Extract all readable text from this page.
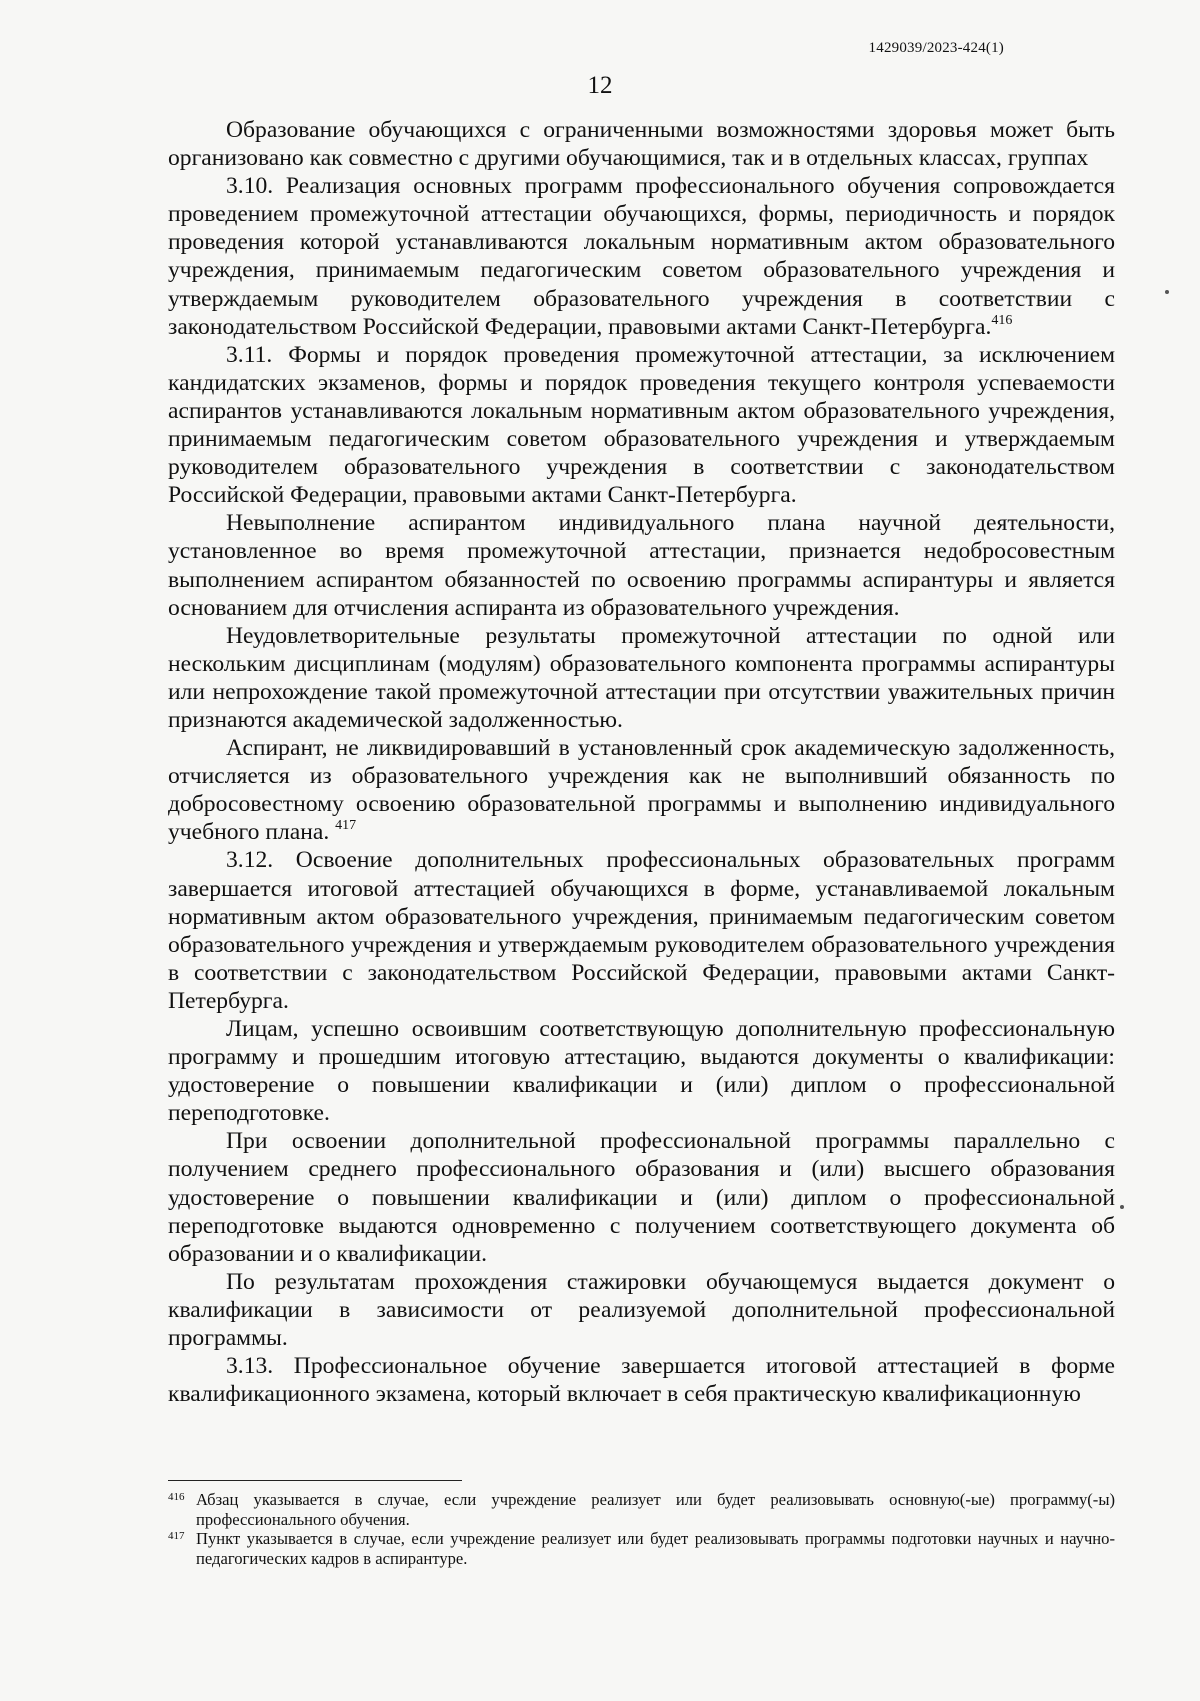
1429039/2023-424(1)
12

Образование обучающихся с ограниченными возможностями здоровья может быть организовано как совместно с другими обучающимися, так и в отдельных классах, группах

3.10. Реализация основных программ профессионального обучения сопровождается проведением промежуточной аттестации обучающихся, формы, периодичность и порядок проведения которой устанавливаются локальным нормативным актом образовательного учреждения, принимаемым педагогическим советом образовательного учреждения и утверждаемым руководителем образовательного учреждения в соответствии с законодательством Российской Федерации, правовыми актами Санкт-Петербурга.$^{416}$

3.11. Формы и порядок проведения промежуточной аттестации, за исключением кандидатских экзаменов, формы и порядок проведения текущего контроля успеваемости аспирантов устанавливаются локальным нормативным актом образовательного учреждения, принимаемым педагогическим советом образовательного учреждения и утверждаемым руководителем образовательного учреждения в соответствии с законодательством Российской Федерации, правовыми актами Санкт-Петербурга.

Невыполнение аспирантом индивидуального плана научной деятельности, установленное во время промежуточной аттестации, признается недобросовестным выполнением аспирантом обязанностей по освоению программы аспирантуры и является основанием для отчисления аспиранта из образовательного учреждения.

Неудовлетворительные результаты промежуточной аттестации по одной или нескольким дисциплинам (модулям) образовательного компонента программы аспирантуры или непрохождение такой промежуточной аттестации при отсутствии уважительных причин признаются академической задолженностью.

Аспирант, не ликвидировавший в установленный срок академическую задолженность, отчисляется из образовательного учреждения как не выполнивший обязанность по добросовестному освоению образовательной программы и выполнению индивидуального учебного плана. $^{417}$

3.12. Освоение дополнительных профессиональных образовательных программ завершается итоговой аттестацией обучающихся в форме, устанавливаемой локальным нормативным актом образовательного учреждения, принимаемым педагогическим советом образовательного учреждения и утверждаемым руководителем образовательного учреждения в соответствии с законодательством Российской Федерации, правовыми актами Санкт-Петербурга.

Лицам, успешно освоившим соответствующую дополнительную профессиональную программу и прошедшим итоговую аттестацию, выдаются документы о квалификации: удостоверение о повышении квалификации и (или) диплом о профессиональной переподготовке.

При освоении дополнительной профессиональной программы параллельно с получением среднего профессионального образования и (или) высшего образования удостоверение о повышении квалификации и (или) диплом о профессиональной переподготовке выдаются одновременно с получением соответствующего документа об образовании и о квалификации.

По результатам прохождения стажировки обучающемуся выдается документ о квалификации в зависимости от реализуемой дополнительной профессиональной программы.

3.13. Профессиональное обучение завершается итоговой аттестацией в форме квалификационного экзамена, который включает в себя практическую квалификационную

416 Абзац указывается в случае, если учреждение реализует или будет реализовывать основную(-ые) программу(-ы) профессионального обучения.
417 Пункт указывается в случае, если учреждение реализует или будет реализовывать программы подготовки научных и научно-педагогических кадров в аспирантуре.
